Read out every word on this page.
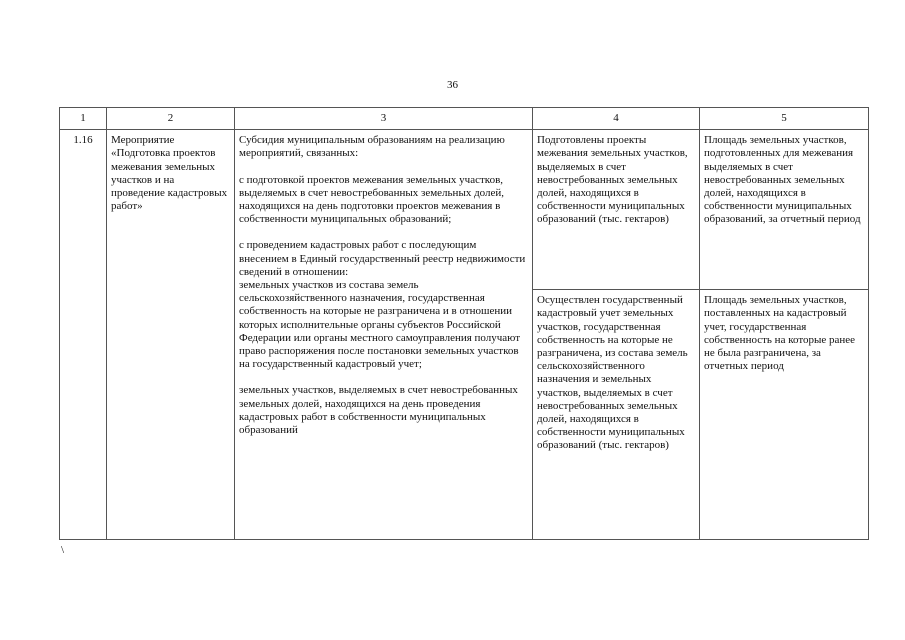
36
1	2	3	4	5
1.16	Мероприятие «Подготовка проектов межевания земельных участков и на проведение кадастровых работ»	Субсидия муниципальным образованиям на реализацию мероприятий, связанных:
с подготовкой проектов межевания земельных участков, выделяемых в счет невостребованных земельных долей, находящихся на день подготовки проектов межевания в собственности муниципальных образований;
с проведением кадастровых работ с последующим внесением в Единый государственный реестр недвижимости сведений в отношении:
земельных участков из состава земель сельскохозяйственного назначения, государственная собственность на которые не разграничена и в отношении которых исполнительные органы субъектов Российской Федерации или органы местного самоуправления получают право распоряжения после постановки земельных участков на государственный кадастровый учет;
земельных участков, выделяемых в счет невостребованных земельных долей, находящихся на день проведения кадастровых работ в собственности муниципальных образований	Подготовлены проекты межевания земельных участков, выделяемых в счет невостребованных земельных долей, находящихся в собственности муниципальных образований (тыс. гектаров)	Площадь земельных участков, подготовленных для межевания выделяемых в счет невостребованных земельных долей, находящихся в собственности муниципальных образований, за отчетный период
			Осуществлен государственный кадастровый учет земельных участков, государственная собственность на которые не разграничена, из состава земель сельскохозяйственного назначения и земельных участков, выделяемых в счет невостребованных земельных долей, находящихся в собственности муниципальных образований (тыс. гектаров)	Площадь земельных участков, поставленных на кадастровый учет, государственная собственность на которые ранее не была разграничена, за отчетных период
\
